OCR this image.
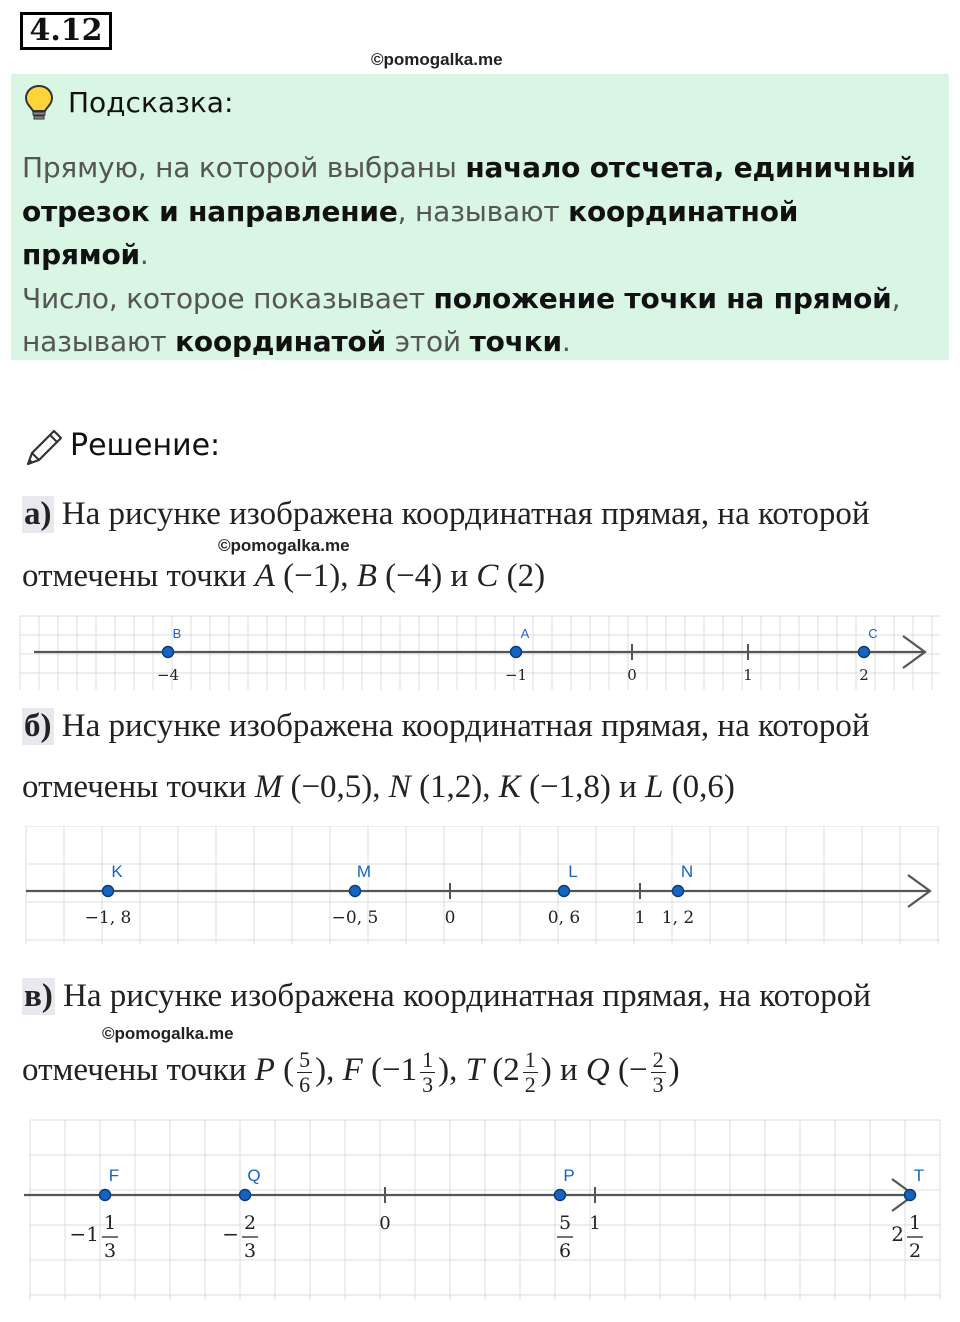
4.12
©pomogalka.me
Подсказка:
Прямую, на которой выбраны начало отсчета, единичный отрезок и направление, называют координатной прямой.
Число, которое показывает положение точки на прямой, называют координатой этой точки.
Решение:
а) На рисунке изображена координатная прямая, на которой
©pomogalka.me
отмечены точки A (−1), B (−4) и C (2)
0	1
B
−4
A
−1
C
2
б) На рисунке изображена координатная прямая, на которой
отмечены точки M (−0,5), N (1,2), K (−1,8) и L (0,6)
0	1
K
−1, 8
M
−0, 5
L
0, 6
N
1, 2
в) На рисунке изображена координатная прямая, на которой
©pomogalka.me
отмечены точки P ( $\frac{5}{6}$ ), F ($-1 \frac{1}{3}$ ), T ($2 \frac{1}{2}$ ) и Q (− $\frac{2}{3}$ )
0	1
F
−1 1
3
Q
− 2
3
P
5
6
T
2 1
2
